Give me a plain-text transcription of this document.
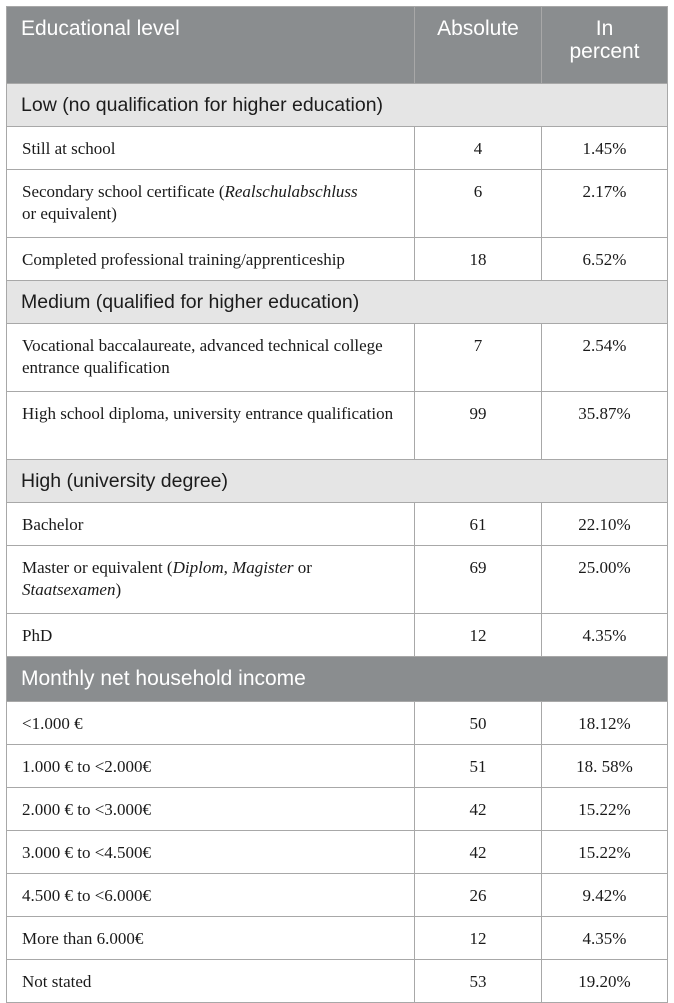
Educational level	Absolute	In
percent
Low (no qualification for higher education)		
Still at school	4	1.45%
Secondary school certificate (Realschulabschluss
or equivalent)	6	2.17%
Completed professional training/apprenticeship	18	6.52%
Medium (qualified for higher education)		
Vocational baccalaureate, advanced technical college entrance qualification	7	2.54%
High school diploma, university entrance qualification	99	35.87%
High (university degree)		
Bachelor	61	22.10%
Master or equivalent (Diplom, Magister or
Staatsexamen)	69	25.00%
PhD	12	4.35%
Monthly net household income		
<1.000 €	50	18.12%
1.000 € to <2.000€	51	18. 58%
2.000 € to <3.000€	42	15.22%
3.000 € to <4.500€	42	15.22%
4.500 € to <6.000€	26	9.42%
More than 6.000€	12	4.35%
Not stated	53	19.20%
